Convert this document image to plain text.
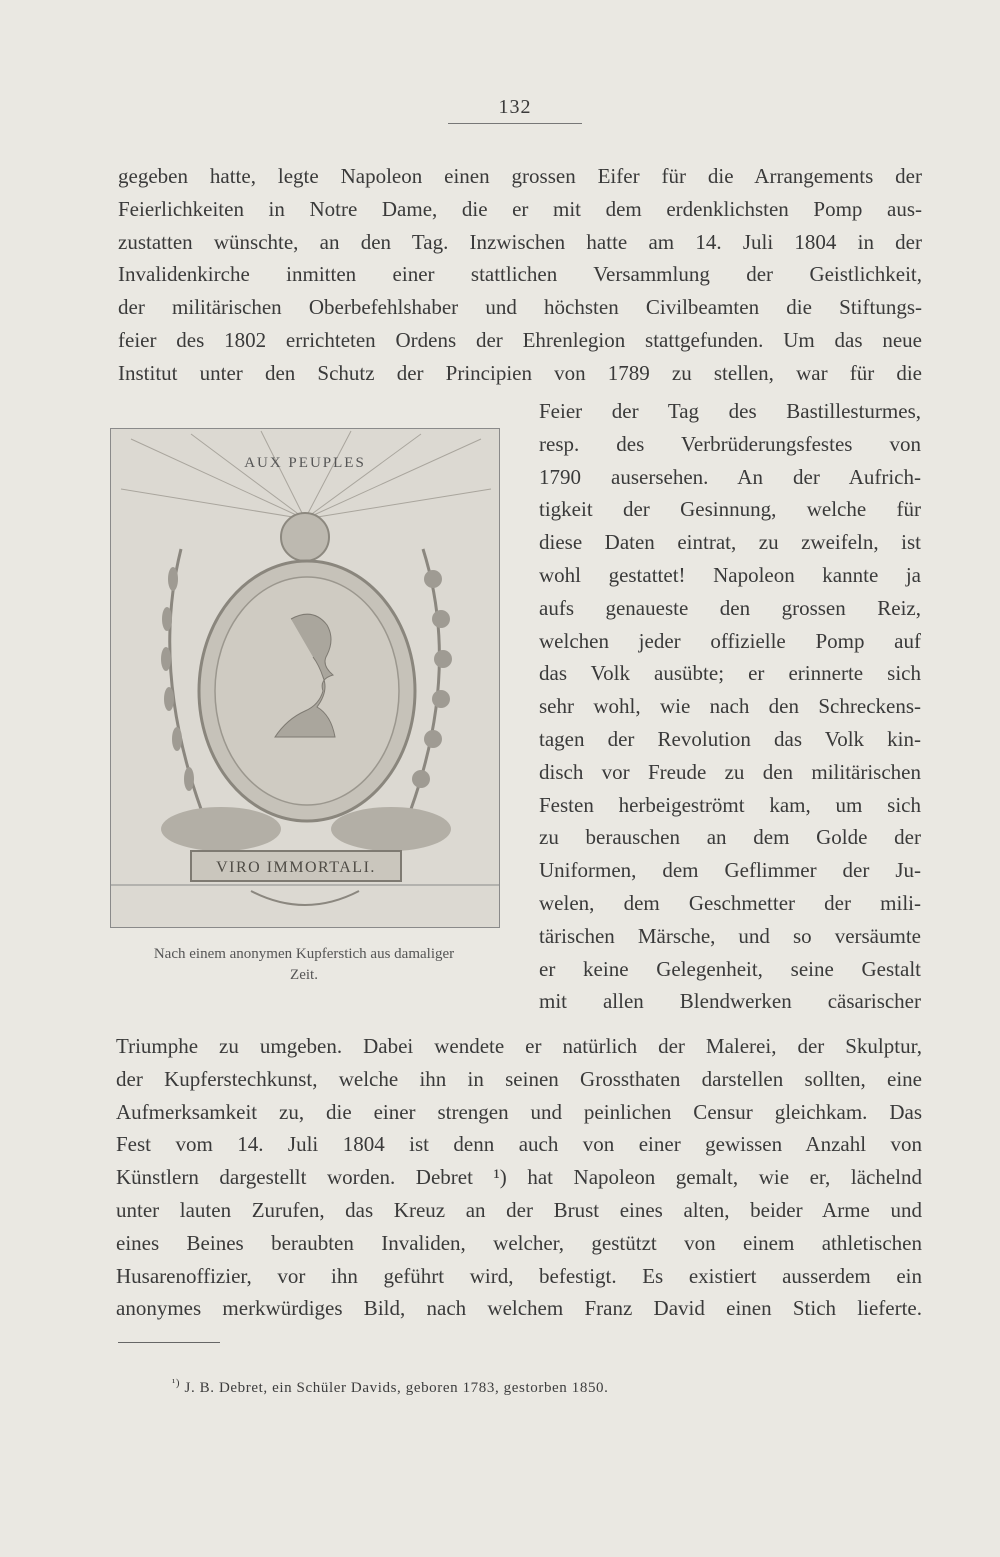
132
gegeben hatte, legte Napoleon einen grossen Eifer für die Arrangements der
Feierlichkeiten in Notre Dame, die er mit dem erdenklichsten Pomp aus-
zustatten wünschte, an den Tag. Inzwischen hatte am 14. Juli 1804 in der
Invalidenkirche inmitten einer stattlichen Versammlung der Geistlichkeit,
der militärischen Oberbefehlshaber und höchsten Civilbeamten die Stiftungs-
feier des 1802 errichteten Ordens der Ehrenlegion stattgefunden. Um das neue
Institut unter den Schutz der Principien von 1789 zu stellen, war für die
AUX PEUPLES
VIRO IMMORTALI.
Nach einem anonymen Kupferstich aus damaliger
Zeit.
Feier der Tag des Bastillesturmes,
resp. des Verbrüderungsfestes von
1790 ausersehen. An der Aufrich-
tigkeit der Gesinnung, welche für
diese Daten eintrat, zu zweifeln, ist
wohl gestattet! Napoleon kannte ja
aufs genaueste den grossen Reiz,
welchen jeder offizielle Pomp auf
das Volk ausübte; er erinnerte sich
sehr wohl, wie nach den Schreckens-
tagen der Revolution das Volk kin-
disch vor Freude zu den militärischen
Festen herbeigeströmt kam, um sich
zu berauschen an dem Golde der
Uniformen, dem Geflimmer der Ju-
welen, dem Geschmetter der mili-
tärischen Märsche, und so versäumte
er keine Gelegenheit, seine Gestalt
mit allen Blendwerken cäsarischer
Triumphe zu umgeben. Dabei wendete er natürlich der Malerei, der Skulptur,
der Kupferstechkunst, welche ihn in seinen Grossthaten darstellen sollten, eine
Aufmerksamkeit zu, die einer strengen und peinlichen Censur gleichkam. Das
Fest vom 14. Juli 1804 ist denn auch von einer gewissen Anzahl von
Künstlern dargestellt worden. Debret ¹) hat Napoleon gemalt, wie er, lächelnd
unter lauten Zurufen, das Kreuz an der Brust eines alten, beider Arme und
eines Beines beraubten Invaliden, welcher, gestützt von einem athletischen
Husarenoffizier, vor ihn geführt wird, befestigt. Es existiert ausserdem ein
anonymes merkwürdiges Bild, nach welchem Franz David einen Stich lieferte.
$^{^1)}$ J. B. Debret, ein Schüler Davids, geboren 1783, gestorben 1850.
